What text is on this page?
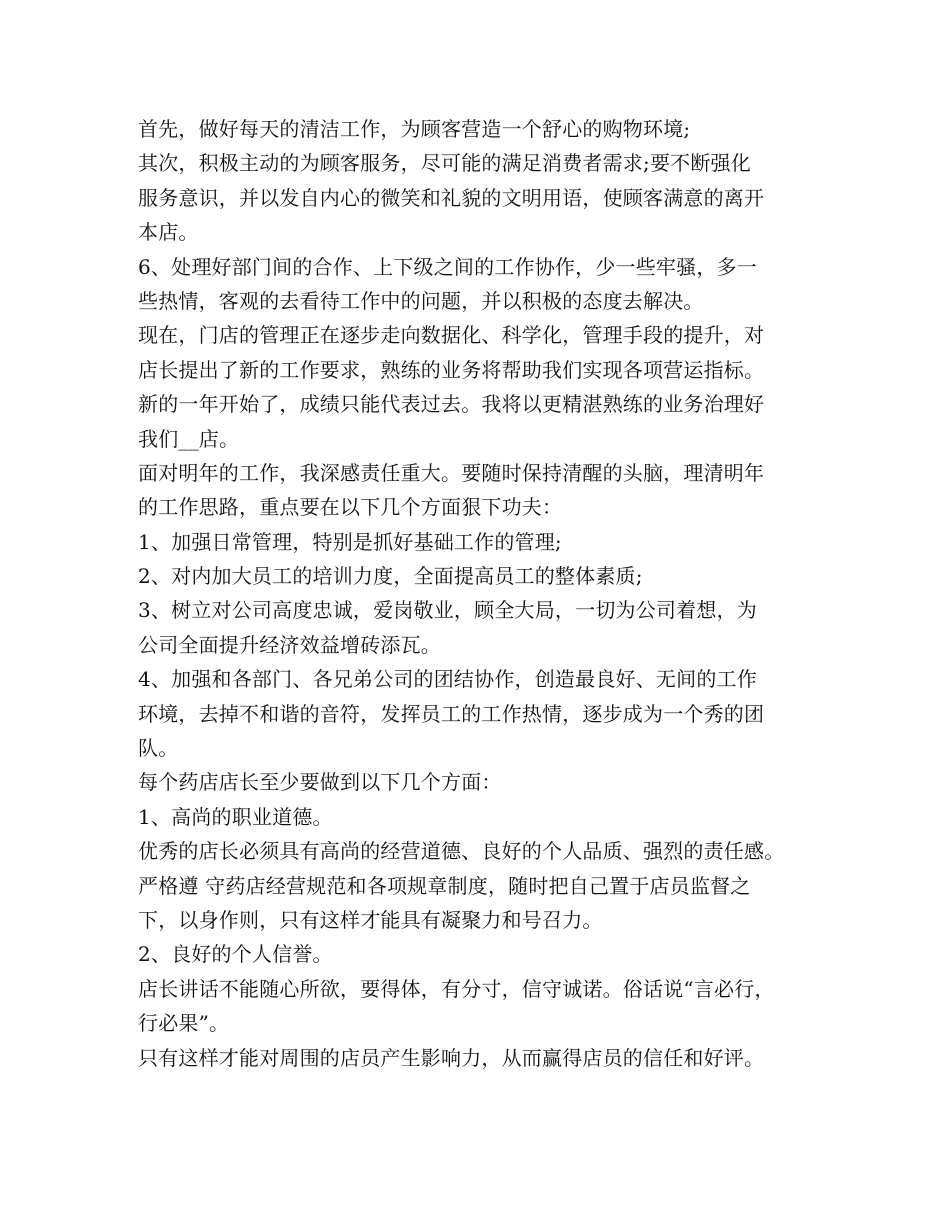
首先，做好每天的清洁工作，为顾客营造一个舒心的购物环境;
其次，积极主动的为顾客服务，尽可能的满足消费者需求;要不断强化
服务意识，并以发自内心的微笑和礼貌的文明用语，使顾客满意的离开
本店。
6、处理好部门间的合作、上下级之间的工作协作，少一些牢骚，多一
些热情，客观的去看待工作中的问题，并以积极的态度去解决。
现在，门店的管理正在逐步走向数据化、科学化，管理手段的提升，对
店长提出了新的工作要求，熟练的业务将帮助我们实现各项营运指标。
新的一年开始了，成绩只能代表过去。我将以更精湛熟练的业务治理好
我们__店。
面对明年的工作，我深感责任重大。要随时保持清醒的头脑，理清明年
的工作思路，重点要在以下几个方面狠下功夫：
1、加强日常管理，特别是抓好基础工作的管理;
2、对内加大员工的培训力度，全面提高员工的整体素质;
3、树立对公司高度忠诚，爱岗敬业，顾全大局，一切为公司着想，为
公司全面提升经济效益增砖添瓦。
4、加强和各部门、各兄弟公司的团结协作，创造最良好、无间的工作
环境，去掉不和谐的音符，发挥员工的工作热情，逐步成为一个秀的团
队。
每个药店店长至少要做到以下几个方面：
1、高尚的职业道德。
优秀的店长必须具有高尚的经营道德、良好的个人品质、强烈的责任感。
严格遵 守药店经营规范和各项规章制度，随时把自己置于店员监督之
下，以身作则，只有这样才能具有凝聚力和号召力。
2、良好的个人信誉。
店长讲话不能随心所欲，要得体，有分寸，信守诚诺。俗话说“言必行，
行必果”。
只有这样才能对周围的店员产生影响力，从而赢得店员的信任和好评。
